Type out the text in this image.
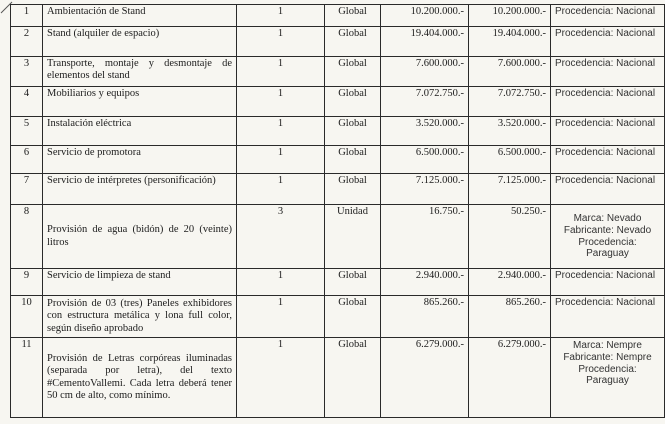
1	Ambientación de Stand	1	Global	10.200.000.-	10.200.000.-	Procedencia: Nacional
2	Stand (alquiler de espacio)	1	Global	19.404.000.-	19.404.000.-	Procedencia: Nacional
3	Transporte, montaje y desmontaje de elementos del stand	1	Global	7.600.000.-	7.600.000.-	Procedencia: Nacional
4	Mobiliarios y equipos	1	Global	7.072.750.-	7.072.750.-	Procedencia: Nacional
5	Instalación eléctrica	1	Global	3.520.000.-	3.520.000.-	Procedencia: Nacional
6	Servicio de promotora	1	Global	6.500.000.-	6.500.000.-	Procedencia: Nacional
7	Servicio de intérpretes (personificación)	1	Global	7.125.000.-	7.125.000.-	Procedencia: Nacional
8	Provisión de agua (bidón) de 20 (veinte) litros	3	Unidad	16.750.-	50.250.-	Marca: Nevado
Fabricante: Nevado
Procedencia:
Paraguay

9	Servicio de limpieza de stand	1	Global	2.940.000.-	2.940.000.-	Procedencia: Nacional
10	Provisión de 03 (tres) Paneles exhibidores con estructura metálica y lona full color, según diseño aprobado	1	Global	865.260.-	865.260.-	Procedencia: Nacional
11	Provisión de Letras corpóreas iluminadas (separada por letra), del texto #CementoVallemi. Cada letra deberá tener 50 cm de alto, como mínimo.	1	Global	6.279.000.-	6.279.000.-	Marca: Nempre
Fabricante: Nempre
Procedencia:
Paraguay
